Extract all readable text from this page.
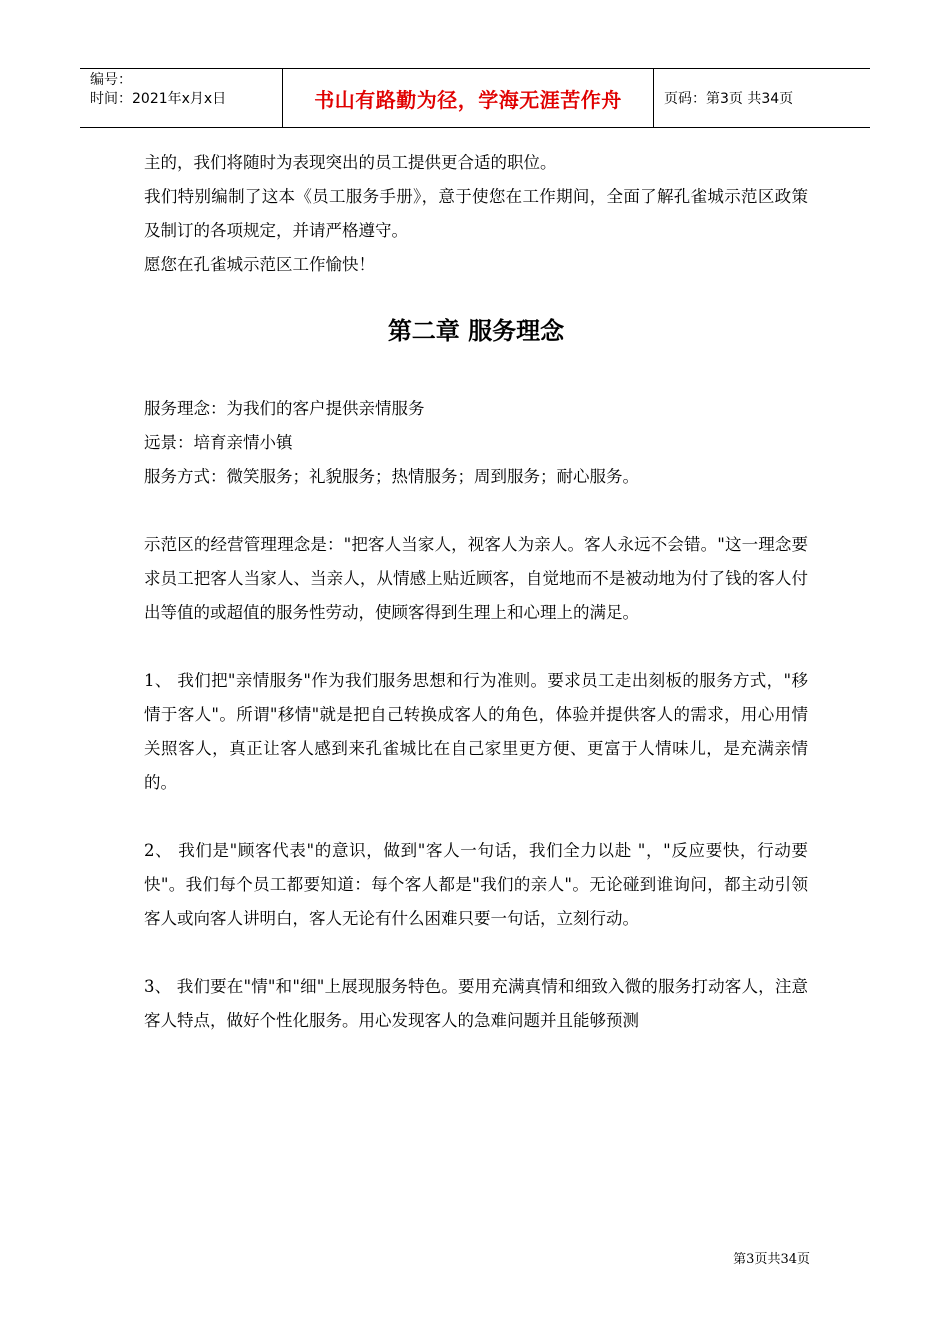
编号：
时间：2021年x月x日	书山有路勤为径，学海无涯苦作舟	页码：第3页 共34页

主的，我们将随时为表现突出的员工提供更合适的职位。

我们特别编制了这本《员工服务手册》，意于使您在工作期间，全面了解孔雀城示范区政策及制订的各项规定，并请严格遵守。

愿您在孔雀城示范区工作愉快！

第二章 服务理念

服务理念：为我们的客户提供亲情服务

远景：培育亲情小镇

服务方式：微笑服务；礼貌服务；热情服务；周到服务；耐心服务。

示范区的经营管理理念是："把客人当家人，视客人为亲人。客人永远不会错。"这一理念要求员工把客人当家人、当亲人，从情感上贴近顾客，自觉地而不是被动地为付了钱的客人付出等值的或超值的服务性劳动，使顾客得到生理上和心理上的满足。

1、 我们把"亲情服务"作为我们服务思想和行为准则。要求员工走出刻板的服务方式，"移情于客人"。所谓"移情"就是把自己转换成客人的角色，体验并提供客人的需求，用心用情关照客人，真正让客人感到来孔雀城比在自己家里更方便、更富于人情味儿，是充满亲情的。

2、 我们是"顾客代表"的意识，做到"客人一句话，我们全力以赴 "，"反应要快，行动要快"。我们每个员工都要知道：每个客人都是"我们的亲人"。无论碰到谁询问，都主动引领客人或向客人讲明白，客人无论有什么困难只要一句话，立刻行动。

3、 我们要在"情"和"细"上展现服务特色。要用充满真情和细致入微的服务打动客人，注意客人特点，做好个性化服务。用心发现客人的急难问题并且能够预测

第3页共34页
